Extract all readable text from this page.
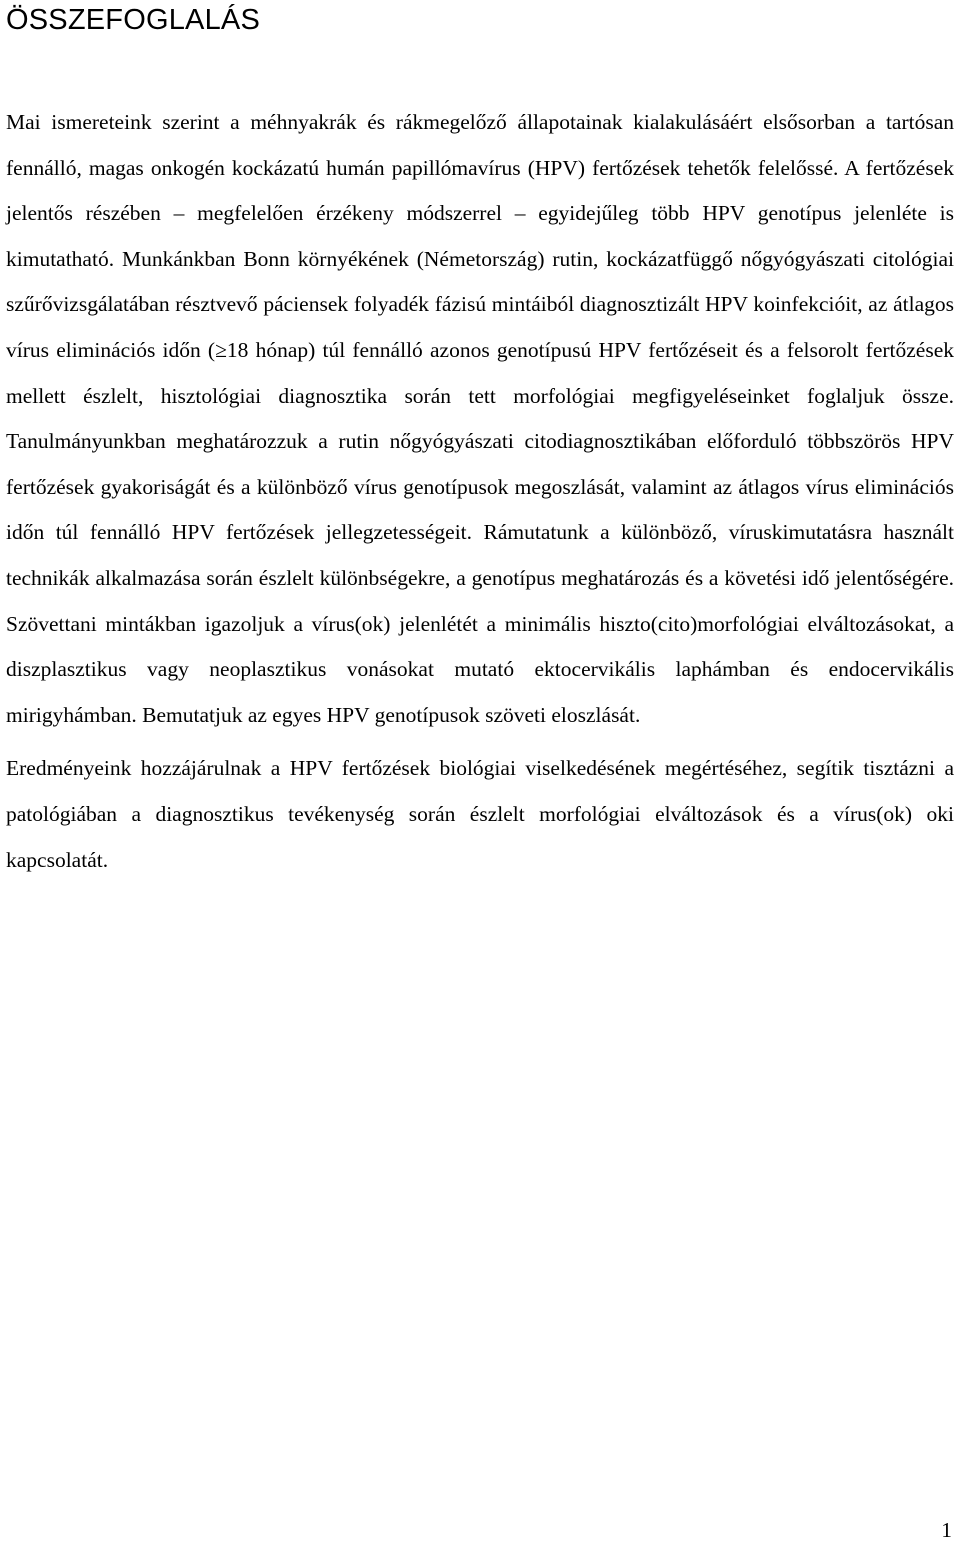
ÖSSZEFOGLALÁS

Mai ismereteink szerint a méhnyakrák és rákmegelőző állapotainak kialakulásáért elsősorban a tartósan fennálló, magas onkogén kockázatú humán papillómavírus (HPV) fertőzések tehetők felelőssé. A fertőzések jelentős részében – megfelelően érzékeny módszerrel – egyidejűleg több HPV genotípus jelenléte is kimutatható. Munkánkban Bonn környékének (Németország) rutin, kockázatfüggő nőgyógyászati citológiai szűrővizsgálatában résztvevő páciensek folyadék fázisú mintáiból diagnosztizált HPV koinfekcióit, az átlagos vírus eliminációs időn (≥18 hónap) túl fennálló azonos genotípusú HPV fertőzéseit és a felsorolt fertőzések mellett észlelt, hisztológiai diagnosztika során tett morfológiai megfigyeléseinket foglaljuk össze. Tanulmányunkban meghatározzuk a rutin nőgyógyászati citodiagnosztikában előforduló többszörös HPV fertőzések gyakoriságát és a különböző vírus genotípusok megoszlását, valamint az átlagos vírus eliminációs időn túl fennálló HPV fertőzések jellegzetességeit. Rámutatunk a különböző, víruskimutatásra használt technikák alkalmazása során észlelt különbségekre, a genotípus meghatározás és a követési idő jelentőségére. Szövettani mintákban igazoljuk a vírus(ok) jelenlétét a minimális hiszto(cito)morfológiai elváltozásokat, a diszplasztikus vagy neoplasztikus vonásokat mutató ektocervikális laphámban és endocervikális mirigyhámban. Bemutatjuk az egyes HPV genotípusok szöveti eloszlását.

Eredményeink hozzájárulnak a HPV fertőzések biológiai viselkedésének megértéséhez, segítik tisztázni a patológiában a diagnosztikus tevékenység során észlelt morfológiai elváltozások és a vírus(ok) oki kapcsolatát.

1
